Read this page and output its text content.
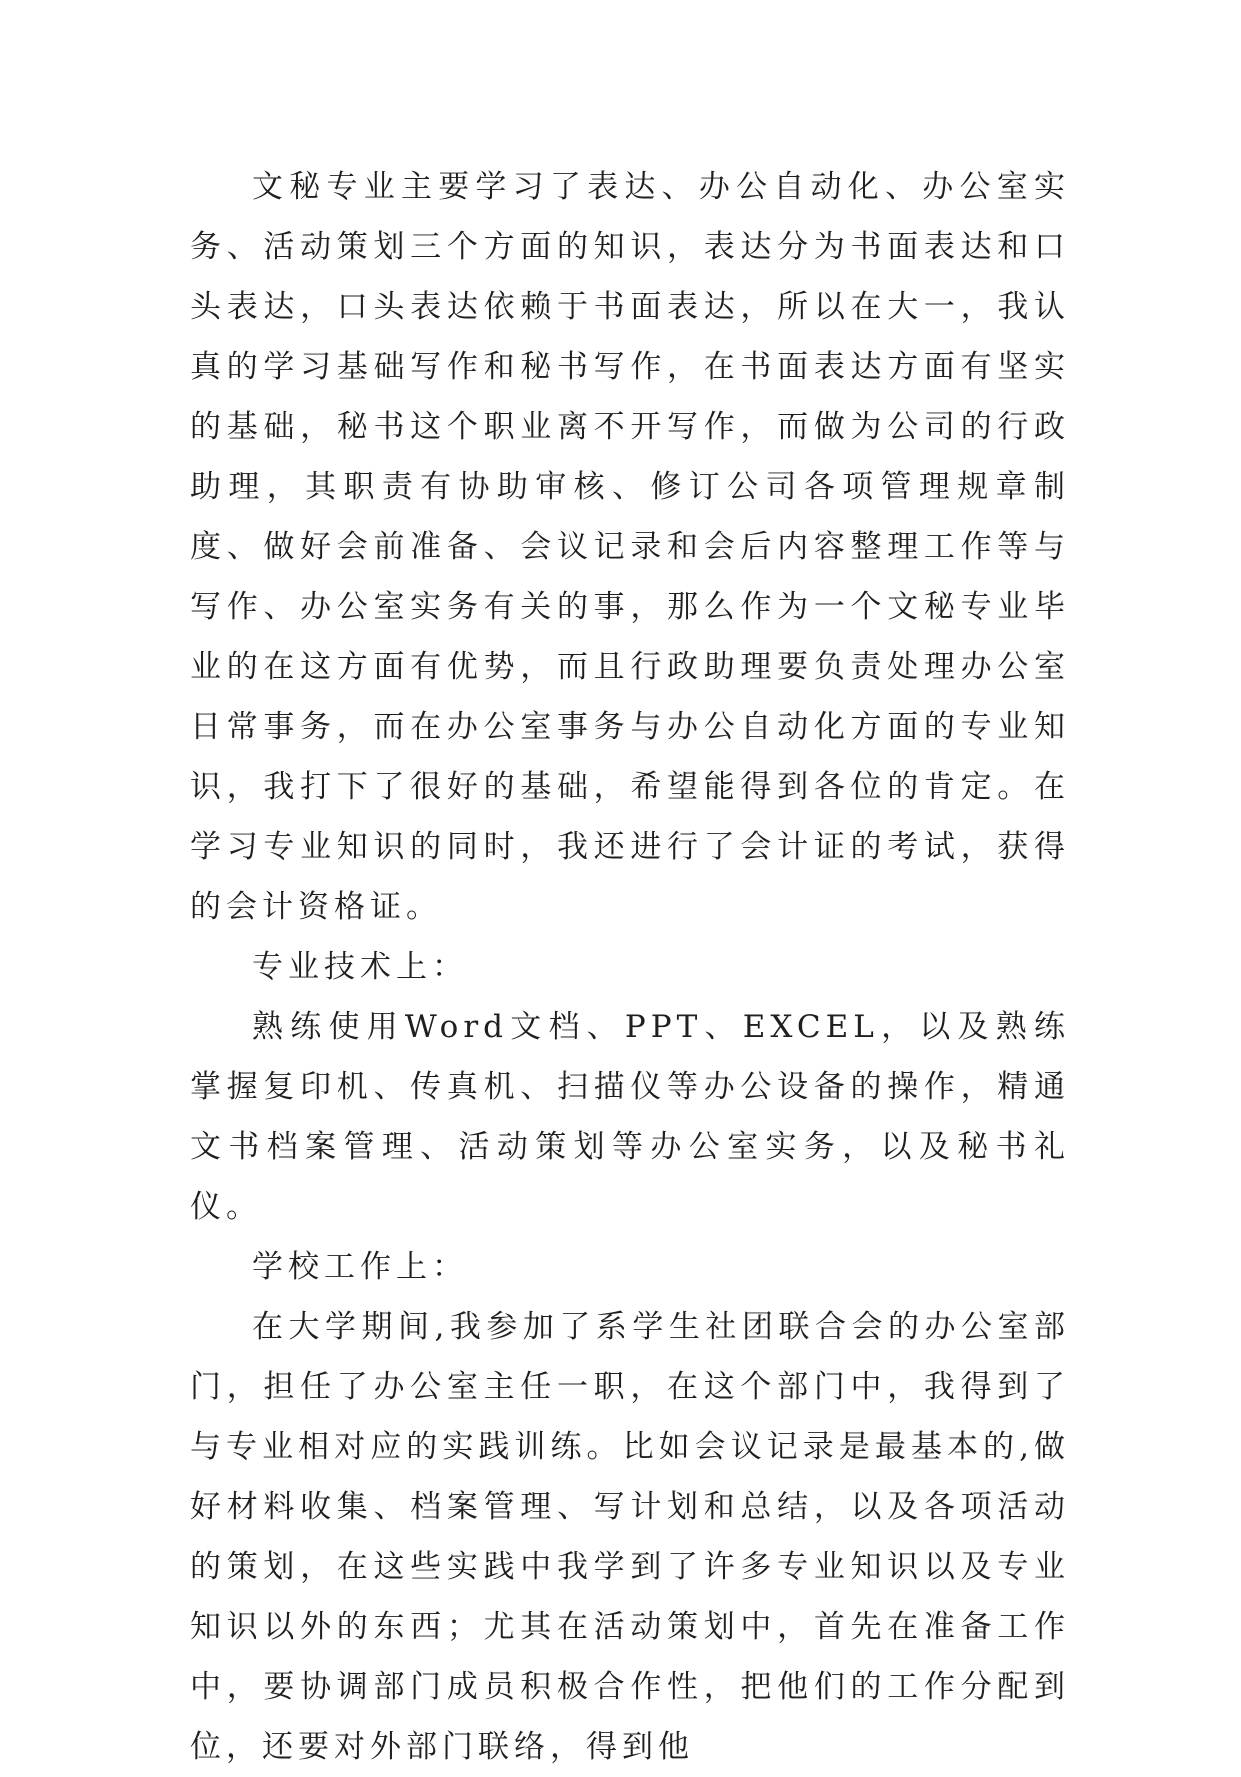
文秘专业主要学习了表达、办公自动化、办公室实务、活动策划三个方面的知识，表达分为书面表达和口头表达，口头表达依赖于书面表达，所以在大一，我认真的学习基础写作和秘书写作，在书面表达方面有坚实的基础，秘书这个职业离不开写作，而做为公司的行政助理，其职责有协助审核、修订公司各项管理规章制度、做好会前准备、会议记录和会后内容整理工作等与写作、办公室实务有关的事，那么作为一个文秘专业毕业的在这方面有优势，而且行政助理要负责处理办公室日常事务，而在办公室事务与办公自动化方面的专业知识，我打下了很好的基础，希望能得到各位的肯定。在学习专业知识的同时，我还进行了会计证的考试，获得的会计资格证。

专业技术上：

熟练使用Word文档、PPT、EXCEL，以及熟练掌握复印机、传真机、扫描仪等办公设备的操作，精通文书档案管理、活动策划等办公室实务，以及秘书礼仪。

学校工作上：

在大学期间,我参加了系学生社团联合会的办公室部门，担任了办公室主任一职，在这个部门中，我得到了与专业相对应的实践训练。比如会议记录是最基本的,做好材料收集、档案管理、写计划和总结，以及各项活动的策划，在这些实践中我学到了许多专业知识以及专业知识以外的东西；尤其在活动策划中，首先在准备工作中，要协调部门成员积极合作性，把他们的工作分配到位，还要对外部门联络，得到他
